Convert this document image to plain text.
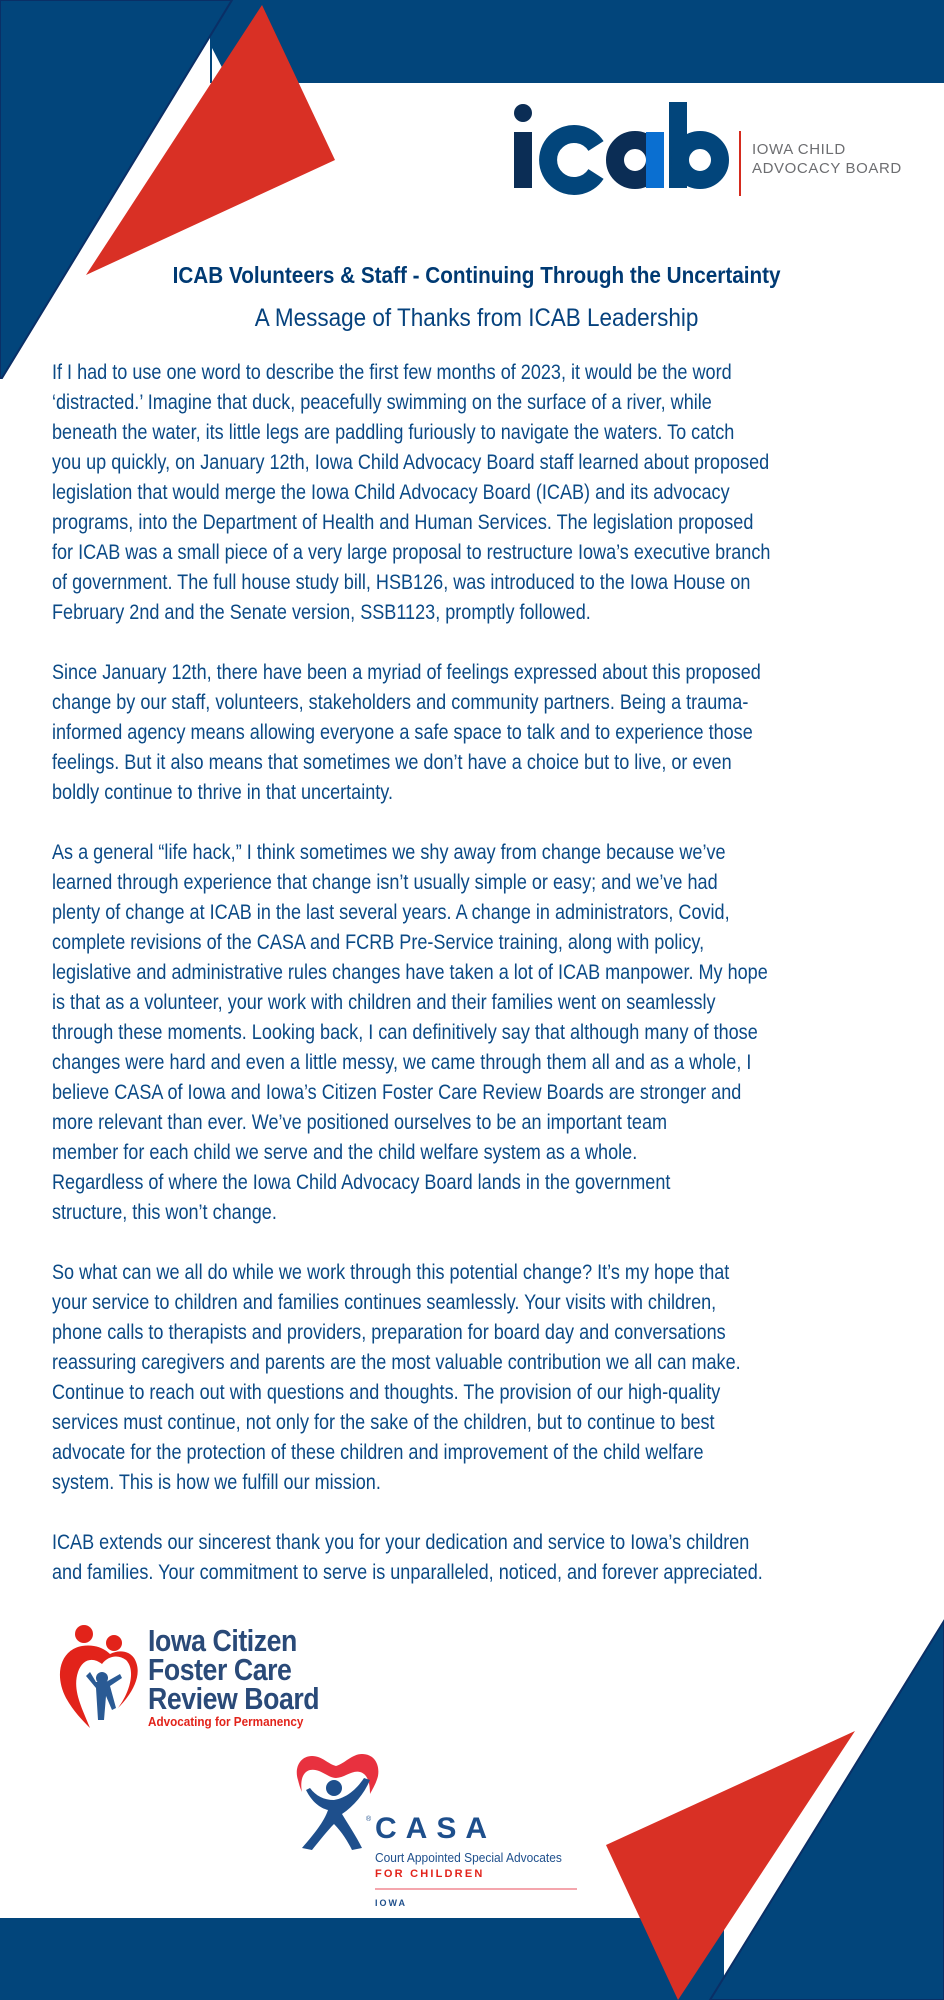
IOWA CHILD
ADVOCACY BOARD
ICAB Volunteers & Staff - Continuing Through the Uncertainty
A Message of Thanks from ICAB Leadership
If I had to use one word to describe the first few months of 2023, it would be the word
‘distracted.’ Imagine that duck, peacefully swimming on the surface of a river, while
beneath the water, its little legs are paddling furiously to navigate the waters. To catch
you up quickly, on January 12th, Iowa Child Advocacy Board staff learned about proposed
legislation that would merge the Iowa Child Advocacy Board (ICAB) and its advocacy
programs, into the Department of Health and Human Services. The legislation proposed
for ICAB was a small piece of a very large proposal to restructure Iowa’s executive branch
of government. The full house study bill, HSB126, was introduced to the Iowa House on
February 2nd and the Senate version, SSB1123, promptly followed.
Since January 12th, there have been a myriad of feelings expressed about this proposed
change by our staff, volunteers, stakeholders and community partners. Being a trauma-
informed agency means allowing everyone a safe space to talk and to experience those
feelings. But it also means that sometimes we don’t have a choice but to live, or even
boldly continue to thrive in that uncertainty.
As a general “life hack,” I think sometimes we shy away from change because we’ve
learned through experience that change isn’t usually simple or easy; and we’ve had
plenty of change at ICAB in the last several years. A change in administrators, Covid,
complete revisions of the CASA and FCRB Pre-Service training, along with policy,
legislative and administrative rules changes have taken a lot of ICAB manpower. My hope
is that as a volunteer, your work with children and their families went on seamlessly
through these moments. Looking back, I can definitively say that although many of those
changes were hard and even a little messy, we came through them all and as a whole, I
believe CASA of Iowa and Iowa’s Citizen Foster Care Review Boards are stronger and
more relevant than ever. We’ve positioned ourselves to be an important team
member for each child we serve and the child welfare system as a whole.
Regardless of where the Iowa Child Advocacy Board lands in the government
structure, this won’t change.
So what can we all do while we work through this potential change? It’s my hope that
your service to children and families continues seamlessly. Your visits with children,
phone calls to therapists and providers, preparation for board day and conversations
reassuring caregivers and parents are the most valuable contribution we all can make.
Continue to reach out with questions and thoughts. The provision of our high-quality
services must continue, not only for the sake of the children, but to continue to best
advocate for the protection of these children and improvement of the child welfare
system. This is how we fulfill our mission.
ICAB extends our sincerest thank you for your dedication and service to Iowa’s children
and families. Your commitment to serve is unparalleled, noticed, and forever appreciated.
Iowa Citizen
Foster Care
Review Board
Advocating for Permanency
® CASA
Court Appointed Special Advocates
FOR CHILDREN
IOWA
